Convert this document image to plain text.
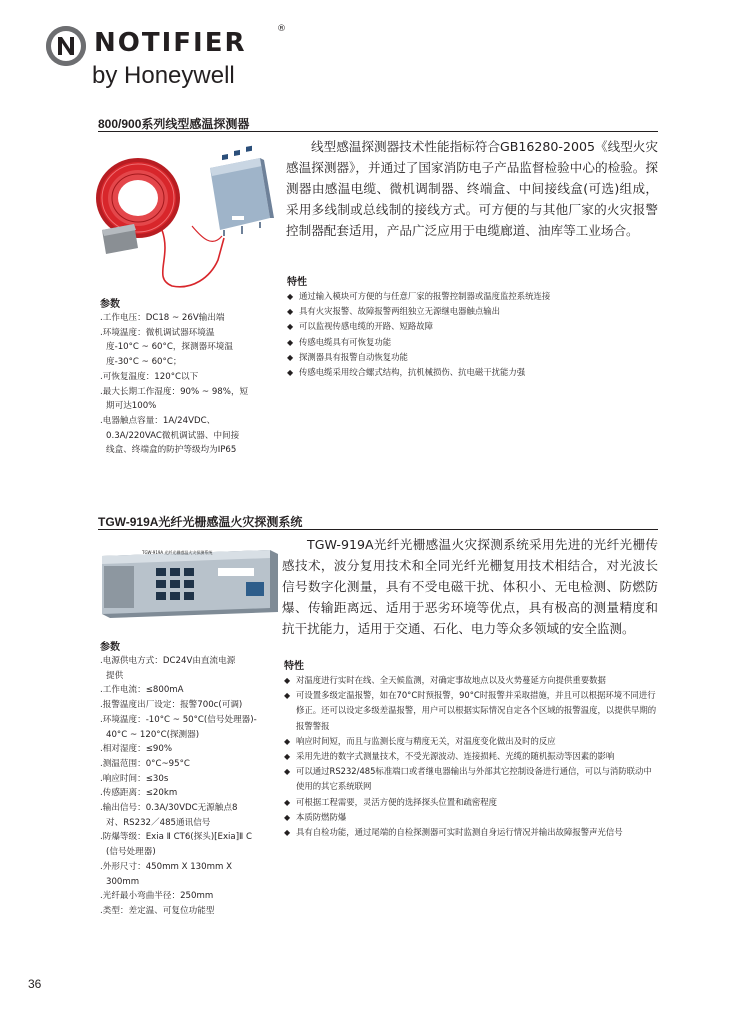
NOTIFIER	®
by Honeywell
800/900系列线型感温探测器
线型感温探测器技术性能指标符合GB16280-2005《线型火灾感温探测器》，并通过了国家消防电子产品监督检验中心的检验。探测器由感温电缆、微机调制器、终端盒、中间接线盒(可选)组成，采用多线制或总线制的接线方式。可方便的与其他厂家的火灾报警控制器配套适用，产品广泛应用于电缆廊道、油库等工业场合。
特性
◆ 通过输入模块可方便的与任意厂家的报警控制器或温度监控系统连接
◆ 具有火灾报警、故障报警两组独立无源继电器触点输出
◆ 可以监视传感电缆的开路、短路故障
◆ 传感电缆具有可恢复功能
◆ 探测器具有报警自动恢复功能
◆ 传感电缆采用绞合螺式结构，抗机械损伤、抗电磁干扰能力强
参数
. 工作电压：DC18 ~ 26V输出端
. 环境温度：微机调试器环境温
度-10°C ~ 60°C，探测器环境温
度-30°C ~ 60°C；
. 可恢复温度：120°C以下
. 最大长期工作湿度：90% ~ 98%，短
期可达100%
. 电器触点容量：1A/24VDC、
0.3A/220VAC微机调试器、中间接
线盒、终端盒的防护等级均为IP65
TGW-919A光纤光栅感温火灾探测系统
TGW-919A 光纤光栅感温火灾探测系统
TGW-919A光纤光栅感温火灾探测系统采用先进的光纤光栅传感技术，波分复用技术和全同光纤光栅复用技术相结合，对光波长信号数字化测量，具有不受电磁干扰、体积小、无电检测、防燃防爆、传输距离远、适用于恶劣环境等优点，具有极高的测量精度和抗干扰能力，适用于交通、石化、电力等众多领域的安全监测。
参数
. 电源供电方式：DC24V由直流电源
提供
. 工作电流：≤800mA
. 报警温度出厂设定：报警700c(可调)
. 环境温度：-10°C ~ 50°C(信号处理器)-
40°C ~ 120°C(探测器)
. 相对湿度：≤90%
. 测温范围：0°C~95°C
. 响应时间：≤30s
. 传感距离：≤20km
. 输出信号：0.3A/30VDC无源触点8
对、RS232／485通讯信号
. 防爆等级：Exia Ⅱ CT6(探头)[Exia]Ⅱ C
(信号处理器)
. 外形尺寸：450mm X 130mm X
300mm
. 光纤最小弯曲半径：250mm
. 类型：差定温、可复位功能型
特性
◆ 对温度进行实时在线、全天候监测，对确定事故地点以及火势蔓延方向提供重要数据
◆ 可设置多级定温报警，如在70°C时预报警，90°C时报警并采取措施，并且可以根据环境不同进行修正。还可以设定多级差温报警，用户可以根据实际情况自定各个区域的报警温度，以提供早期的报警警报
◆ 响应时间短，而且与监测长度与精度无关，对温度变化做出及时的反应
◆ 采用先进的数字式测量技术，不受光源波动、连接损耗、光缆的随机振动等因素的影响
◆ 可以通过RS232/485标准端口或者继电器输出与外部其它控制设备进行通信，可以与消防联动中使用的其它系统联网
◆ 可根据工程需要，灵活方便的选择探头位置和疏密程度
◆ 本质防燃防爆
◆ 具有自检功能，通过尾端的自检探测器可实时监测自身运行情况并输出故障报警声光信号
36
